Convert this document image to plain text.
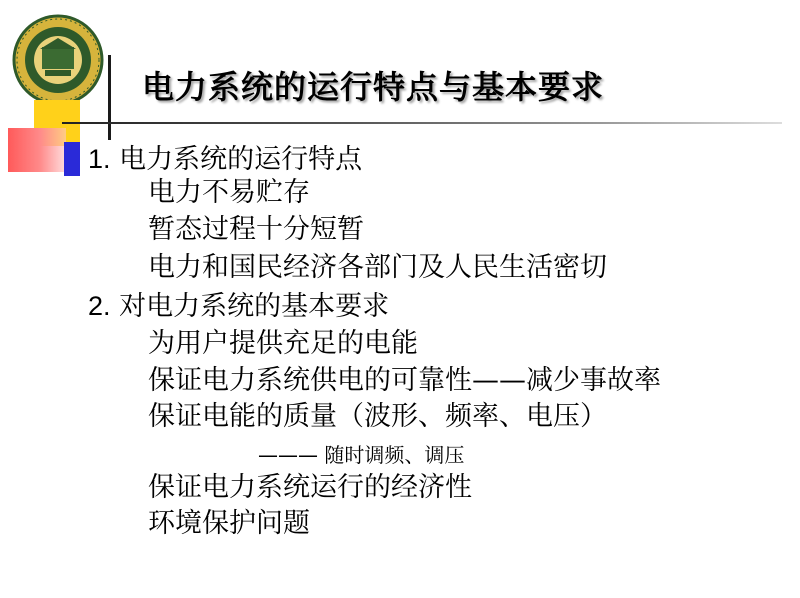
电力系统的运行特点与基本要求
1. 电力系统的运行特点
电力不易贮存
暂态过程十分短暂
电力和国民经济各部门及人民生活密切
2. 对电力系统的基本要求
为用户提供充足的电能
保证电力系统供电的可靠性——减少事故率
保证电能的质量（波形、频率、电压）
——— 随时调频、调压
保证电力系统运行的经济性
环境保护问题
